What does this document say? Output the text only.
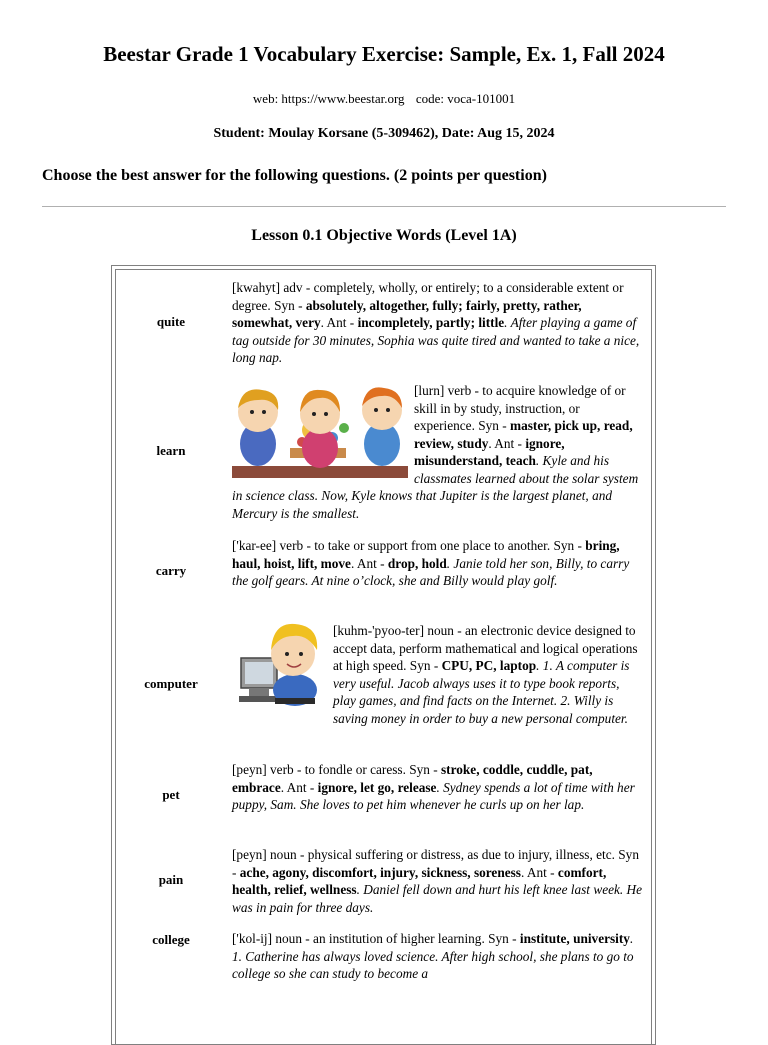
Beestar Grade 1 Vocabulary Exercise: Sample, Ex. 1, Fall 2024
web: https://www.beestar.org code: voca-101001
Student: Moulay Korsane (5-309462), Date: Aug 15, 2024
Choose the best answer for the following questions. (2 points per question)
Lesson 0.1 Objective Words (Level 1A)
quite
[kwahyt] adv - completely, wholly, or entirely; to a considerable extent or degree. Syn - absolutely, altogether, fully; fairly, pretty, rather, somewhat, very. Ant - incompletely, partly; little. After playing a game of tag outside for 30 minutes, Sophia was quite tired and wanted to take a nice, long nap.
learn
[lurn] verb - to acquire knowledge of or skill in by study, instruction, or experience. Syn - master, pick up, read, review, study. Ant - ignore, misunderstand, teach. Kyle and his classmates learned about the solar system in science class. Now, Kyle knows that Jupiter is the largest planet, and Mercury is the smallest.
carry
['kar-ee] verb - to take or support from one place to another. Syn - bring, haul, hoist, lift, move. Ant - drop, hold. Janie told her son, Billy, to carry the golf gears. At nine o’clock, she and Billy would play golf.
computer
[kuhm-'pyoo-ter] noun - an electronic device designed to accept data, perform mathematical and logical operations at high speed. Syn - CPU, PC, laptop. 1. A computer is very useful. Jacob always uses it to type book reports, play games, and find facts on the Internet. 2. Willy is saving money in order to buy a new personal computer.
pet
[peyn] verb - to fondle or caress. Syn - stroke, coddle, cuddle, pat, embrace. Ant - ignore, let go, release. Sydney spends a lot of time with her puppy, Sam. She loves to pet him whenever he curls up on her lap.
pain
[peyn] noun - physical suffering or distress, as due to injury, illness, etc. Syn - ache, agony, discomfort, injury, sickness, soreness. Ant - comfort, health, relief, wellness. Daniel fell down and hurt his left knee last week. He was in pain for three days.
college	['kol-ij] noun - an institution of higher learning. Syn - institute, university. 1. Catherine has always loved science. After high school, she plans to go to college so she can study to become a
